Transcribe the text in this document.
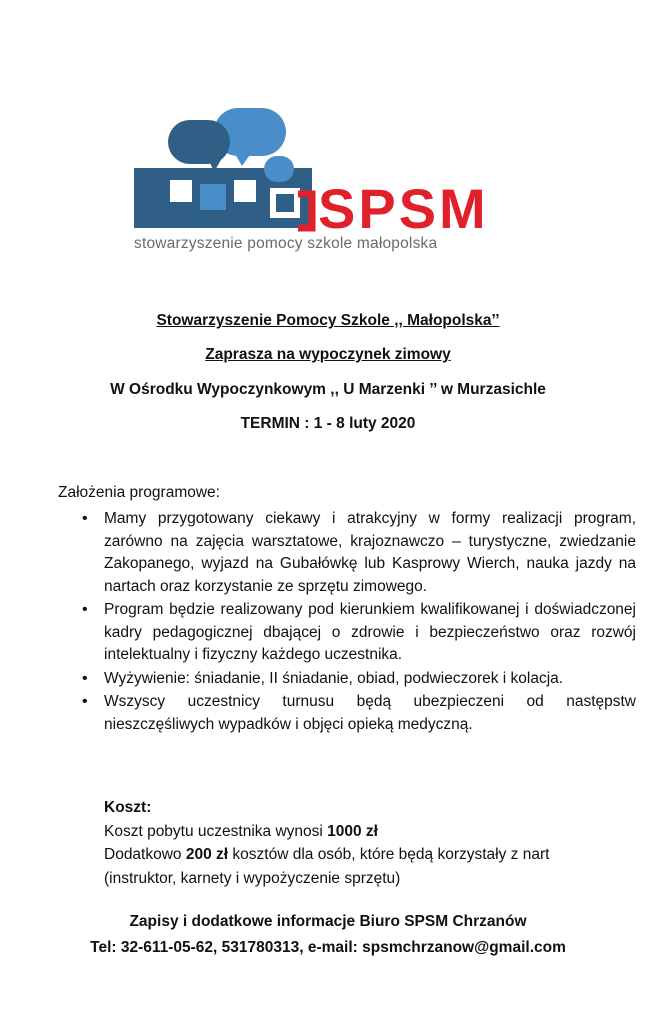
SPSM
stowarzyszenie pomocy szkole małopolska
Stowarzyszenie Pomocy Szkole ,, Małopolska’’
Zaprasza na wypoczynek zimowy
W Ośrodku Wypoczynkowym ,, U Marzenki ’’ w Murzasichle
TERMIN : 1 - 8 luty 2020
Założenia programowe:
• Mamy przygotowany ciekawy i atrakcyjny w formy realizacji program, zarówno na zajęcia warsztatowe, krajoznawczo – turystyczne, zwiedzanie Zakopanego, wyjazd na Gubałówkę lub Kasprowy Wierch, nauka jazdy na nartach oraz korzystanie ze sprzętu zimowego.
• Program będzie realizowany pod kierunkiem kwalifikowanej i doświadczonej kadry pedagogicznej dbającej o zdrowie i bezpieczeństwo oraz rozwój intelektualny i fizyczny każdego uczestnika.
• Wyżywienie: śniadanie, II śniadanie, obiad, podwieczorek i kolacja.
• Wszyscy uczestnicy turnusu będą ubezpieczeni od następstw nieszczęśliwych wypadków i objęci opieką medyczną.
Koszt:
Koszt pobytu uczestnika wynosi 1000 zł
Dodatkowo 200 zł kosztów dla osób, które będą korzystały z nart
(instruktor, karnety i wypożyczenie sprzętu)
Zapisy i dodatkowe informacje Biuro SPSM Chrzanów
Tel: 32-611-05-62, 531780313, e-mail: spsmchrzanow@gmail.com
